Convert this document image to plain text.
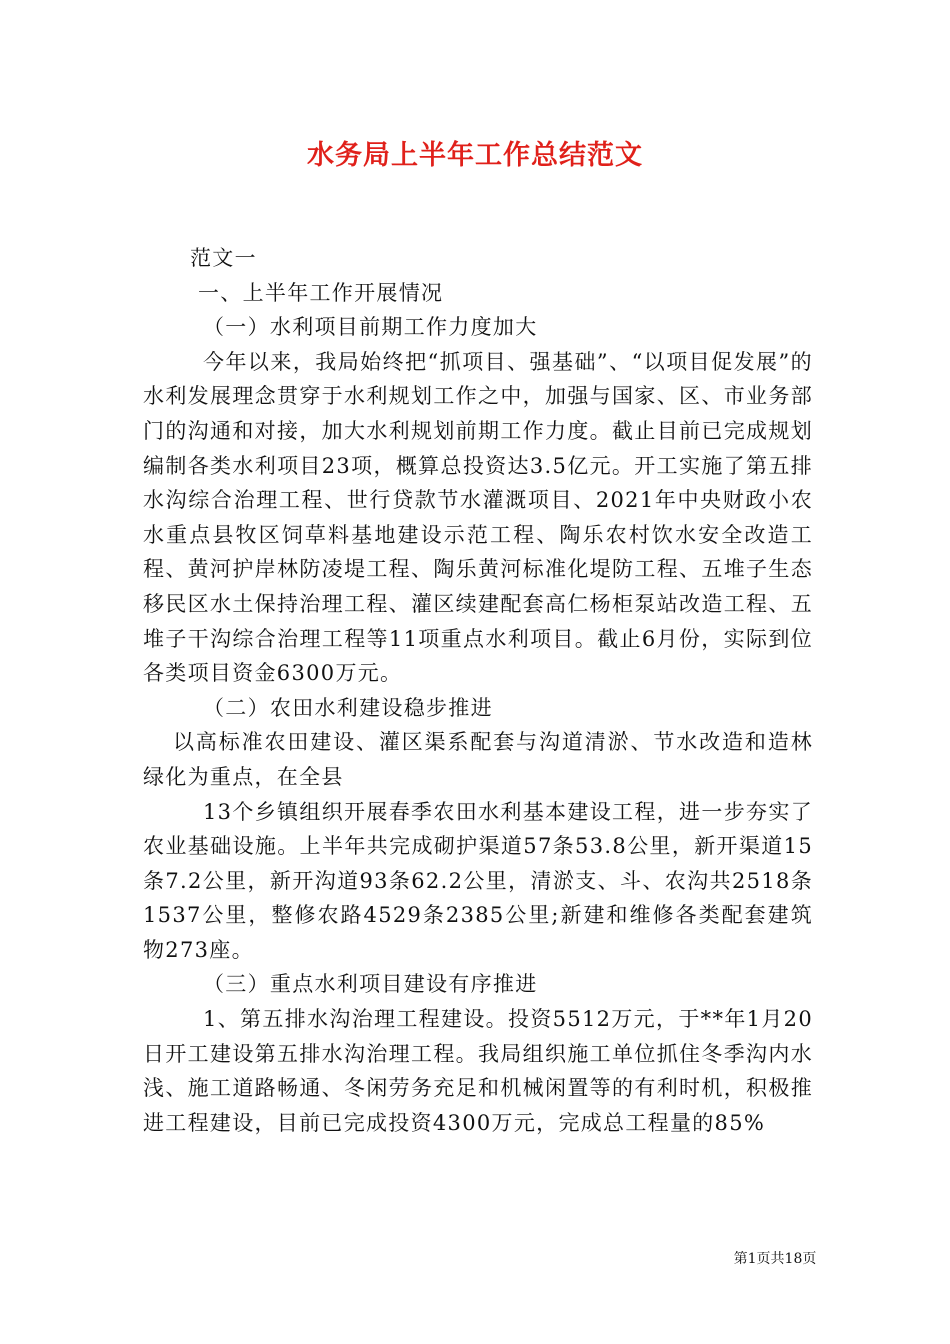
水务局上半年工作总结范文

范文一

一、上半年工作开展情况

（一）水利项目前期工作力度加大

今年以来，我局始终把“抓项目、强基础”、“以项目促发展”的水利发展理念贯穿于水利规划工作之中，加强与国家、区、市业务部门的沟通和对接，加大水利规划前期工作力度。截止目前已完成规划编制各类水利项目23项，概算总投资达3.5亿元。开工实施了第五排水沟综合治理工程、世行贷款节水灌溉项目、2021年中央财政小农水重点县牧区饲草料基地建设示范工程、陶乐农村饮水安全改造工程、黄河护岸林防凌堤工程、陶乐黄河标准化堤防工程、五堆子生态移民区水土保持治理工程、灌区续建配套高仁杨柜泵站改造工程、五堆子干沟综合治理工程等11项重点水利项目。截止6月份，实际到位各类项目资金6300万元。

（二）农田水利建设稳步推进

以高标准农田建设、灌区渠系配套与沟道清淤、节水改造和造林绿化为重点，在全县

13个乡镇组织开展春季农田水利基本建设工程，进一步夯实了农业基础设施。上半年共完成砌护渠道57条53.8公里，新开渠道15条7.2公里，新开沟道93条62.2公里，清淤支、斗、农沟共2518条1537公里，整修农路4529条2385公里;新建和维修各类配套建筑物273座。

（三）重点水利项目建设有序推进

1、第五排水沟治理工程建设。投资5512万元，于**年1月20日开工建设第五排水沟治理工程。我局组织施工单位抓住冬季沟内水浅、施工道路畅通、冬闲劳务充足和机械闲置等的有利时机，积极推进工程建设，目前已完成投资4300万元，完成总工程量的85%

第1页共18页
